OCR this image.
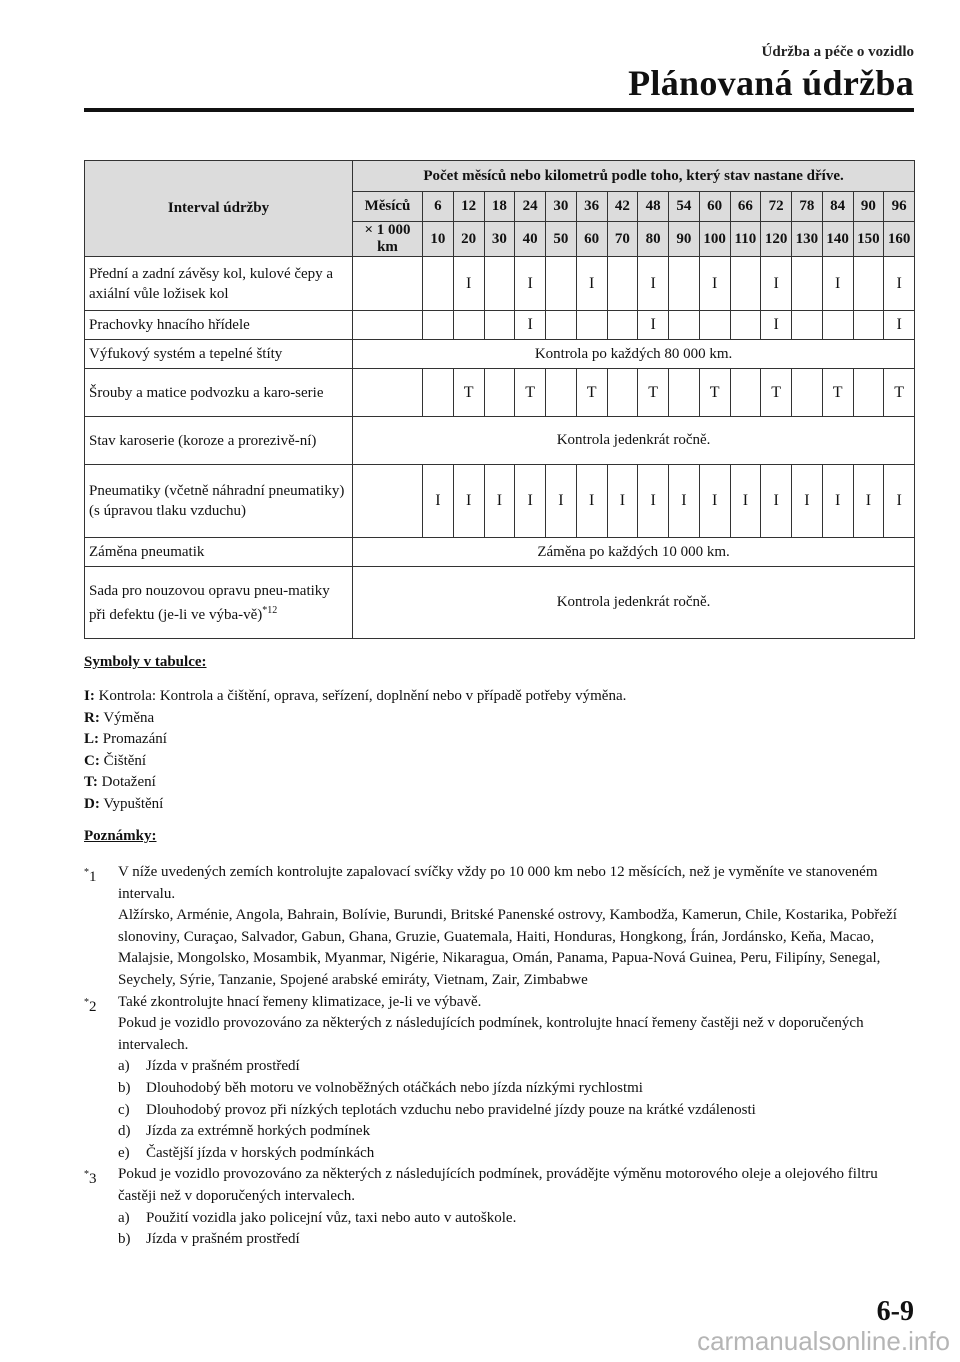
Údržba a péče o vozidlo
Plánovaná údržba
Interval údržby	Počet měsíců nebo kilometrů podle toho, který stav nastane dříve.																
	Měsíců	6	12	18	24	30	36	42	48	54	60	66	72	78	84	90	96
	× 1 000 km	10	20	30	40	50	60	70	80	90	100	110	120	130	140	150	160
Přední a zadní závěsy kol, kulové čepy a axiální vůle ložisek kol			I		I		I		I		I		I		I		I
Prachovky hnacího hřídele					I				I				I				I
Výfukový systém a tepelné štíty	Kontrola po každých 80 000 km.																
Šrouby a matice podvozku a karo-serie			T		T		T		T		T		T		T		T
Stav karoserie (koroze a prorezivě-ní)	Kontrola jedenkrát ročně.																
Pneumatiky (včetně náhradní pneumatiky) (s úpravou tlaku vzduchu)		I	I	I	I	I	I	I	I	I	I	I	I	I	I	I	I
Záměna pneumatik	Záměna po každých 10 000 km.																
Sada pro nouzovou opravu pneu-matiky při defektu (je-li ve výba-vě)$^{*12}$	Kontrola jedenkrát ročně.																
Symboly v tabulce:
I: Kontrola: Kontrola a čištění, oprava, seřízení, doplnění nebo v případě potřeby výměna.
R: Výměna
L: Promazání
C: Čištění
T: Dotažení
D: Vypuštění
Poznámky:
*1 V níže uvedených zemích kontrolujte zapalovací svíčky vždy po 10 000 km nebo 12 měsících, než je vyměníte ve stanoveném intervalu.

Alžírsko, Arménie, Angola, Bahrain, Bolívie, Burundi, Britské Panenské ostrovy, Kambodža, Kamerun, Chile, Kostarika, Pobřeží slonoviny, Curaçao, Salvador, Gabun, Ghana, Gruzie, Guatemala, Haiti, Honduras, Hongkong, Írán, Jordánsko, Keňa, Macao, Malajsie, Mongolsko, Mosambik, Myanmar, Nigérie, Nikaragua, Omán, Panama, Papua-Nová Guinea, Peru, Filipíny, Senegal, Seychely, Sýrie, Tanzanie, Spojené arabské emiráty, Vietnam, Zair, Zimbabwe

*2 Také zkontrolujte hnací řemeny klimatizace, je-li ve výbavě.

Pokud je vozidlo provozováno za některých z následujících podmínek, kontrolujte hnací řemeny častěji než v doporučených intervalech.

a) Jízda v prašném prostředí
b) Dlouhodobý běh motoru ve volnoběžných otáčkách nebo jízda nízkými rychlostmi
c) Dlouhodobý provoz při nízkých teplotách vzduchu nebo pravidelné jízdy pouze na krátké vzdálenosti
d) Jízda za extrémně horkých podmínek
e) Častější jízda v horských podmínkách
*3 Pokud je vozidlo provozováno za některých z následujících podmínek, provádějte výměnu motorového oleje a olejového filtru častěji než v doporučených intervalech.

a) Použití vozidla jako policejní vůz, taxi nebo auto v autoškole.
b) Jízda v prašném prostředí
6-9
carmanualsonline.info
